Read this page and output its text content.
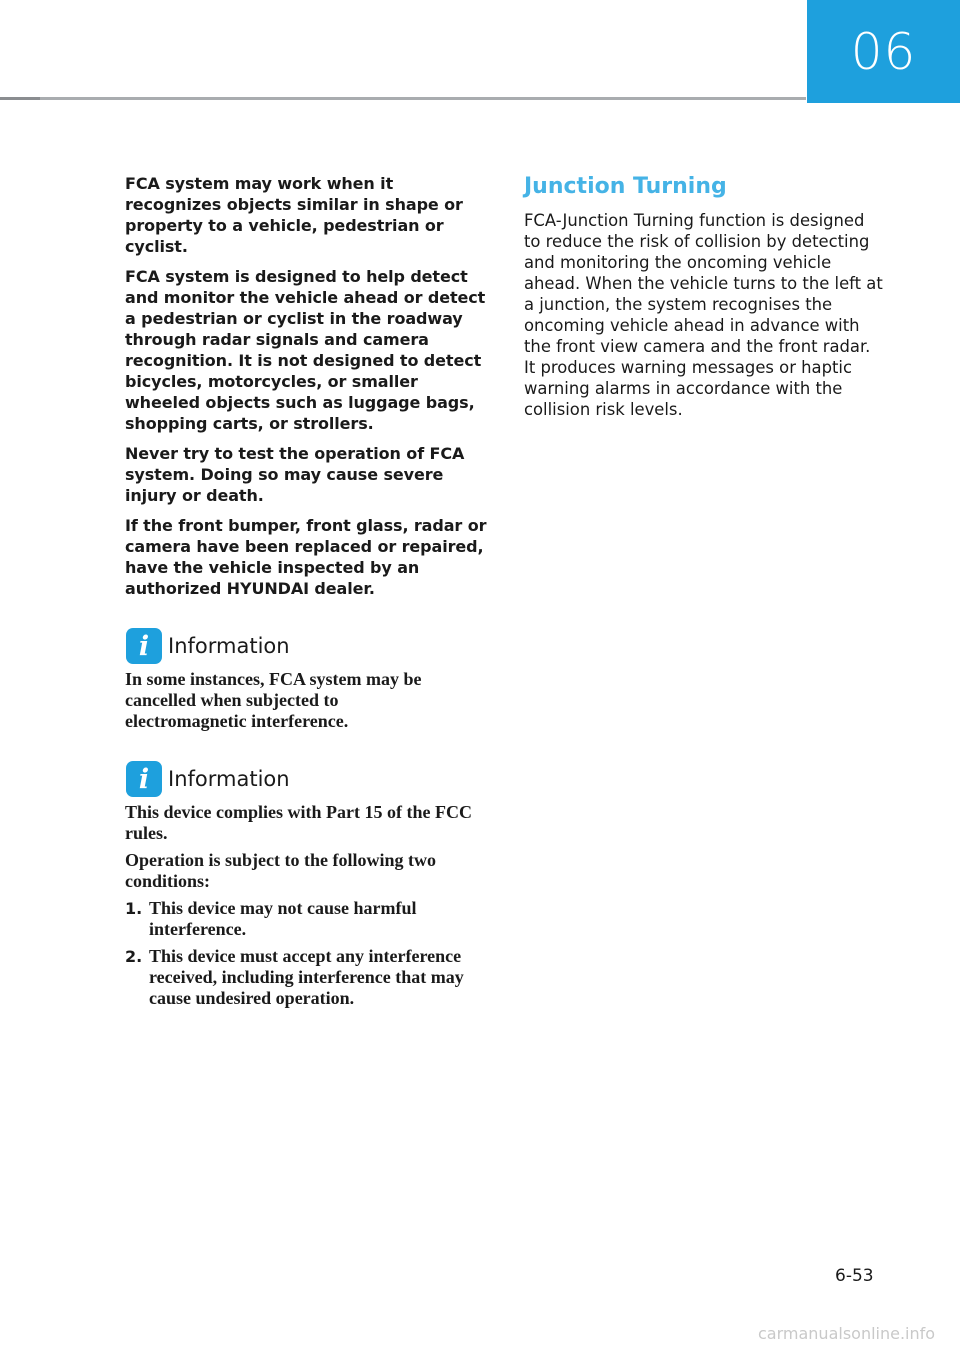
06

FCA system may work when it recognizes objects similar in shape or property to a vehicle, pedestrian or cyclist.

FCA system is designed to help detect and monitor the vehicle ahead or detect a pedestrian or cyclist in the roadway through radar signals and camera recognition. It is not designed to detect bicycles, motorcycles, or smaller wheeled objects such as luggage bags, shopping carts, or strollers.

Never try to test the operation of FCA system. Doing so may cause severe injury or death.

If the front bumper, front glass, radar or camera have been replaced or repaired, have the vehicle inspected by an authorized HYUNDAI dealer.

i Information

In some instances, FCA system may be cancelled when subjected to electromagnetic interference.

i Information

This device complies with Part 15 of the FCC rules.

Operation is subject to the following two conditions:

1. This device may not cause harmful interference.
2. This device must accept any interference received, including interference that may cause undesired operation.
Junction Turning

FCA-Junction Turning function is designed to reduce the risk of collision by detecting and monitoring the oncoming vehicle ahead. When the vehicle turns to the left at a junction, the system recognises the oncoming vehicle ahead in advance with the front view camera and the front radar. It produces warning messages or haptic warning alarms in accordance with the collision risk levels.

6-53
carmanualsonline.info
